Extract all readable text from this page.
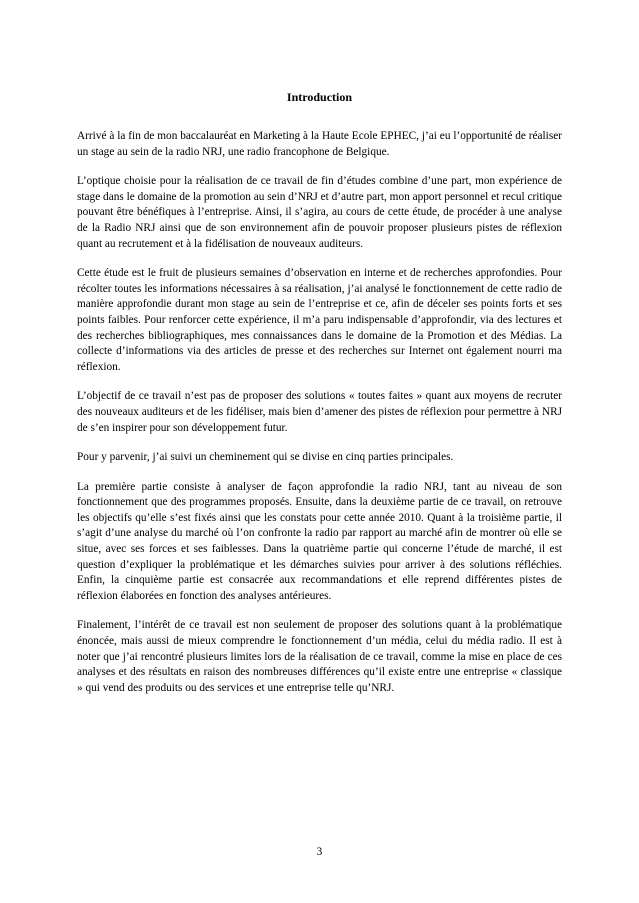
Introduction

Arrivé à la fin de mon baccalauréat en Marketing à la Haute Ecole EPHEC, j’ai eu l’opportunité de réaliser un stage au sein de la radio NRJ, une radio francophone de Belgique.

L’optique choisie pour la réalisation de ce travail de fin d’études combine d’une part, mon expérience de stage dans le domaine de la promotion au sein d’NRJ et d’autre part, mon apport personnel et recul critique pouvant être bénéfiques à l’entreprise. Ainsi, il s’agira, au cours de cette étude, de procéder à une analyse de la Radio NRJ ainsi que de son environnement afin de pouvoir proposer plusieurs pistes de réflexion quant au recrutement et à la fidélisation de nouveaux auditeurs.

Cette étude est le fruit de plusieurs semaines d’observation en interne et de recherches approfondies. Pour récolter toutes les informations nécessaires à sa réalisation, j’ai analysé le fonctionnement de cette radio de manière approfondie durant mon stage au sein de l’entreprise et ce, afin de déceler ses points forts et ses points faibles. Pour renforcer cette expérience, il m’a paru indispensable d’approfondir, via des lectures et des recherches bibliographiques, mes connaissances dans le domaine de la Promotion et des Médias. La collecte d’informations via des articles de presse et des recherches sur Internet ont également nourri ma réflexion.

L’objectif de ce travail n’est pas de proposer des solutions « toutes faites » quant aux moyens de recruter des nouveaux auditeurs et de les fidéliser, mais bien d’amener des pistes de réflexion pour permettre à NRJ de s’en inspirer pour son développement futur.

Pour y parvenir, j’ai suivi un cheminement qui se divise en cinq parties principales.

La première partie consiste à analyser de façon approfondie la radio NRJ, tant au niveau de son fonctionnement que des programmes proposés. Ensuite, dans la deuxième partie de ce travail, on retrouve les objectifs qu’elle s’est fixés ainsi que les constats pour cette année 2010. Quant à la troisième partie, il s’agit d’une analyse du marché où l’on confronte la radio par rapport au marché afin de montrer où elle se situe, avec ses forces et ses faiblesses. Dans la quatrième partie qui concerne l’étude de marché, il est question d’expliquer la problématique et les démarches suivies pour arriver à des solutions réfléchies. Enfin, la cinquième partie est consacrée aux recommandations et elle reprend différentes pistes de réflexion élaborées en fonction des analyses antérieures.

Finalement, l’intérêt de ce travail est non seulement de proposer des solutions quant à la problématique énoncée, mais aussi de mieux comprendre le fonctionnement d’un média, celui du média radio. Il est à noter que j’ai rencontré plusieurs limites lors de la réalisation de ce travail, comme la mise en place de ces analyses et des résultats en raison des nombreuses différences qu’il existe entre une entreprise « classique » qui vend des produits ou des services et une entreprise telle qu’NRJ.

3
